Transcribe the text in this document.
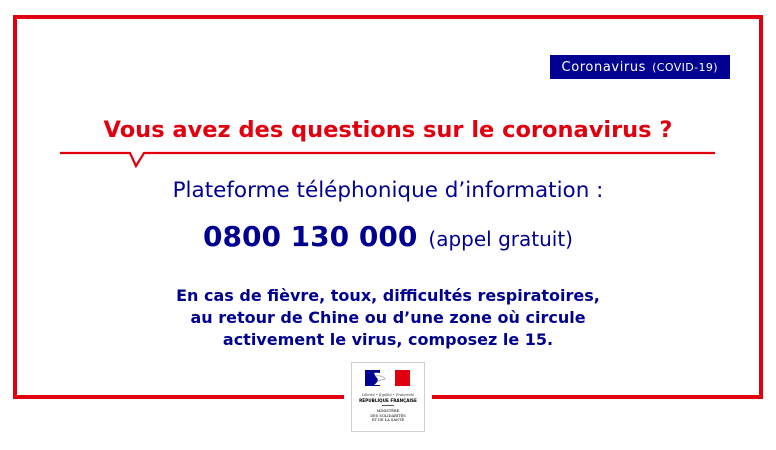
Coronavirus (COVID-19)
Vous avez des questions sur le coronavirus ?
Plateforme téléphonique d’information :
0800 130 000 (appel gratuit)
En cas de fièvre, toux, difficultés respiratoires,
au retour de Chine ou d’une zone où circule
activement le virus, composez le 15.
Liberté • Égalité • Fraternité
RÉPUBLIQUE FRANÇAISE
MINISTÈRE
DES SOLIDARITÉS
ET DE LA SANTÉ
